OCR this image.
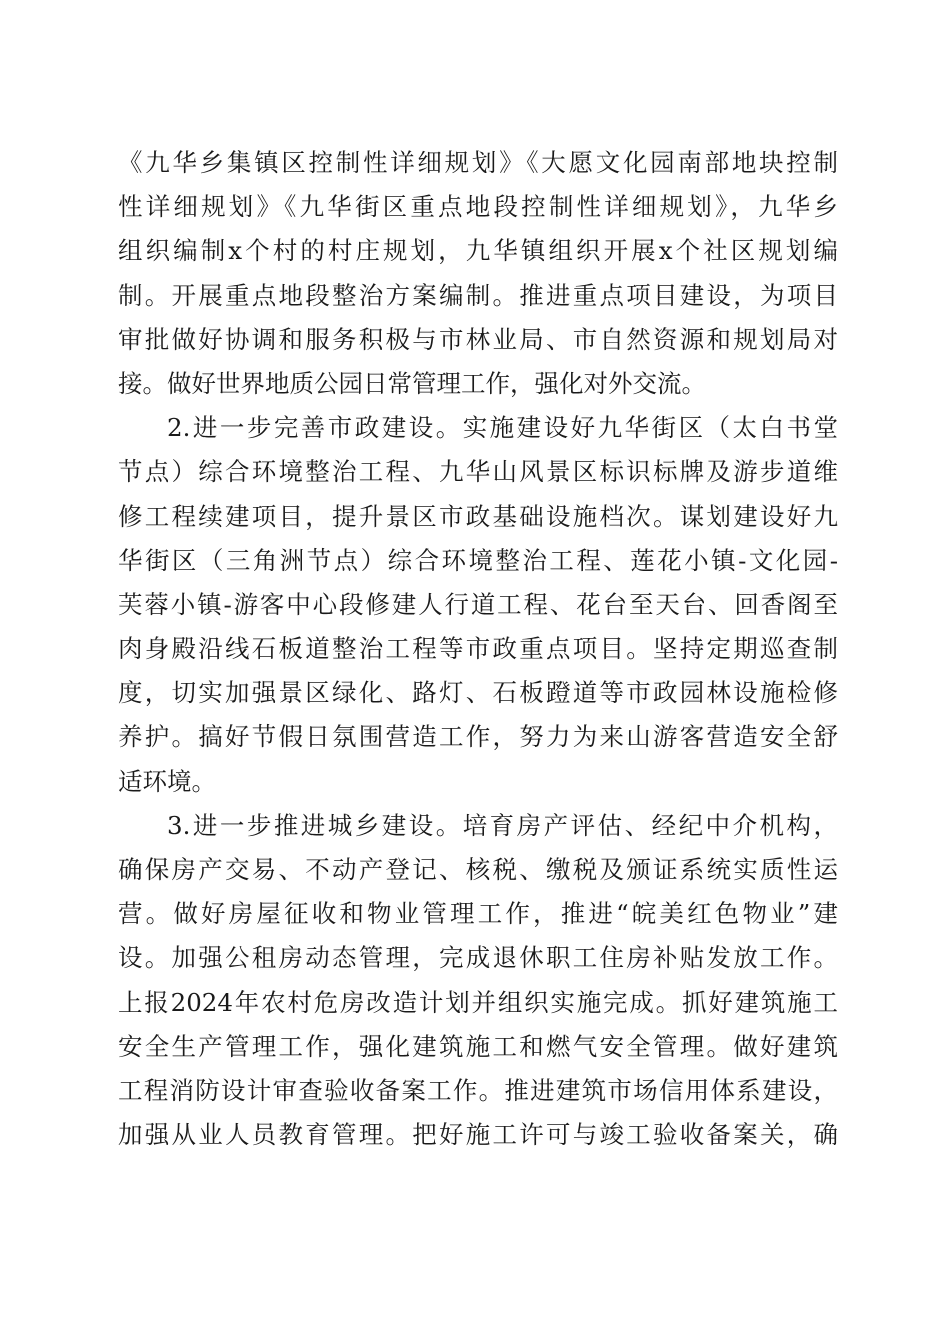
《九华乡集镇区控制性详细规划》《大愿文化园南部地块控制
性详细规划》《九华街区重点地段控制性详细规划》，九华乡
组织编制x个村的村庄规划，九华镇组织开展x个社区规划编
制。开展重点地段整治方案编制。推进重点项目建设，为项目
审批做好协调和服务积极与市林业局、市自然资源和规划局对
接。做好世界地质公园日常管理工作，强化对外交流。
2.进一步完善市政建设。实施建设好九华街区（太白书堂
节点）综合环境整治工程、九华山风景区标识标牌及游步道维
修工程续建项目，提升景区市政基础设施档次。谋划建设好九
华街区（三角洲节点）综合环境整治工程、莲花小镇-文化园-
芙蓉小镇-游客中心段修建人行道工程、花台至天台、回香阁至
肉身殿沿线石板道整治工程等市政重点项目。坚持定期巡查制
度，切实加强景区绿化、路灯、石板蹬道等市政园林设施检修
养护。搞好节假日氛围营造工作，努力为来山游客营造安全舒
适环境。
3.进一步推进城乡建设。培育房产评估、经纪中介机构，
确保房产交易、不动产登记、核税、缴税及颁证系统实质性运
营。做好房屋征收和物业管理工作，推进“皖美红色物业”建
设。加强公租房动态管理，完成退休职工住房补贴发放工作。
上报2024年农村危房改造计划并组织实施完成。抓好建筑施工
安全生产管理工作，强化建筑施工和燃气安全管理。做好建筑
工程消防设计审查验收备案工作。推进建筑市场信用体系建设，
加强从业人员教育管理。把好施工许可与竣工验收备案关，确
